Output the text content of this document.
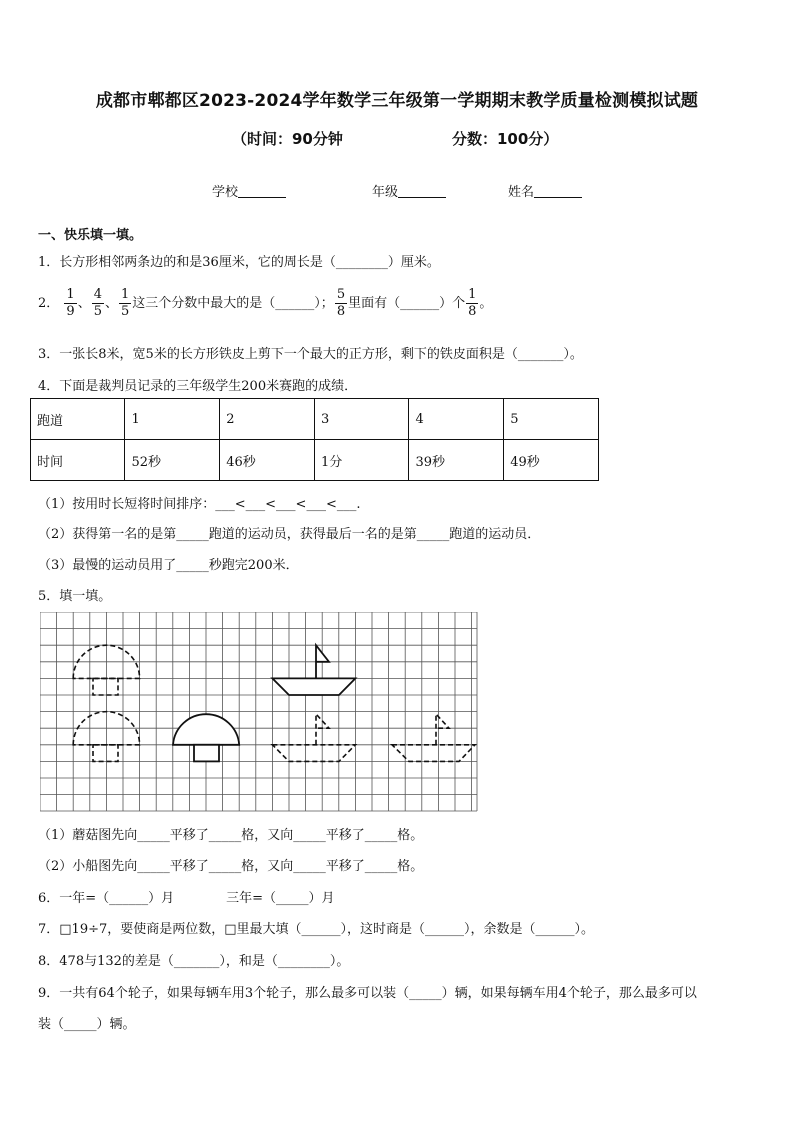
成都市郫都区2023-2024学年数学三年级第一学期期末教学质量检测模拟试题
（时间：90分钟	分数：100分）
学校	年级	姓名
一、快乐填一填。
1．长方形相邻两条边的和是36厘米，它的周长是（________）厘米。
2． $\frac{1}{9}$ 、 $\frac{4}{5}$ 、 $\frac{1}{5}$ 这三个分数中最大的是（______）； $\frac{5}{8}$ 里面有（______）个 $\frac{1}{8}$ 。
3．一张长8米，宽5米的长方形铁皮上剪下一个最大的正方形，剩下的铁皮面积是（_______）。
4．下面是裁判员记录的三年级学生200米赛跑的成绩．
跑道	1	2	3	4	5
时间	52秒	46秒	1分	39秒	49秒
（1）按用时长短将时间排序：___<___<___<___<___.
（2）获得第一名的是第_____跑道的运动员，获得最后一名的是第_____跑道的运动员．
（3）最慢的运动员用了_____秒跑完200米．
5．填一填。
（1）蘑菇图先向_____平移了_____格，又向_____平移了_____格。
（2）小船图先向_____平移了_____格，又向_____平移了_____格。
6．一年=（______）月　　　　三年=（_____）月
7．□19÷7，要使商是两位数，□里最大填（______），这时商是（______），余数是（______）。
8．478与132的差是（_______），和是（________）。
9．一共有64个轮子，如果每辆车用3个轮子，那么最多可以装（_____）辆，如果每辆车用4个轮子，那么最多可以
装（_____）辆。
